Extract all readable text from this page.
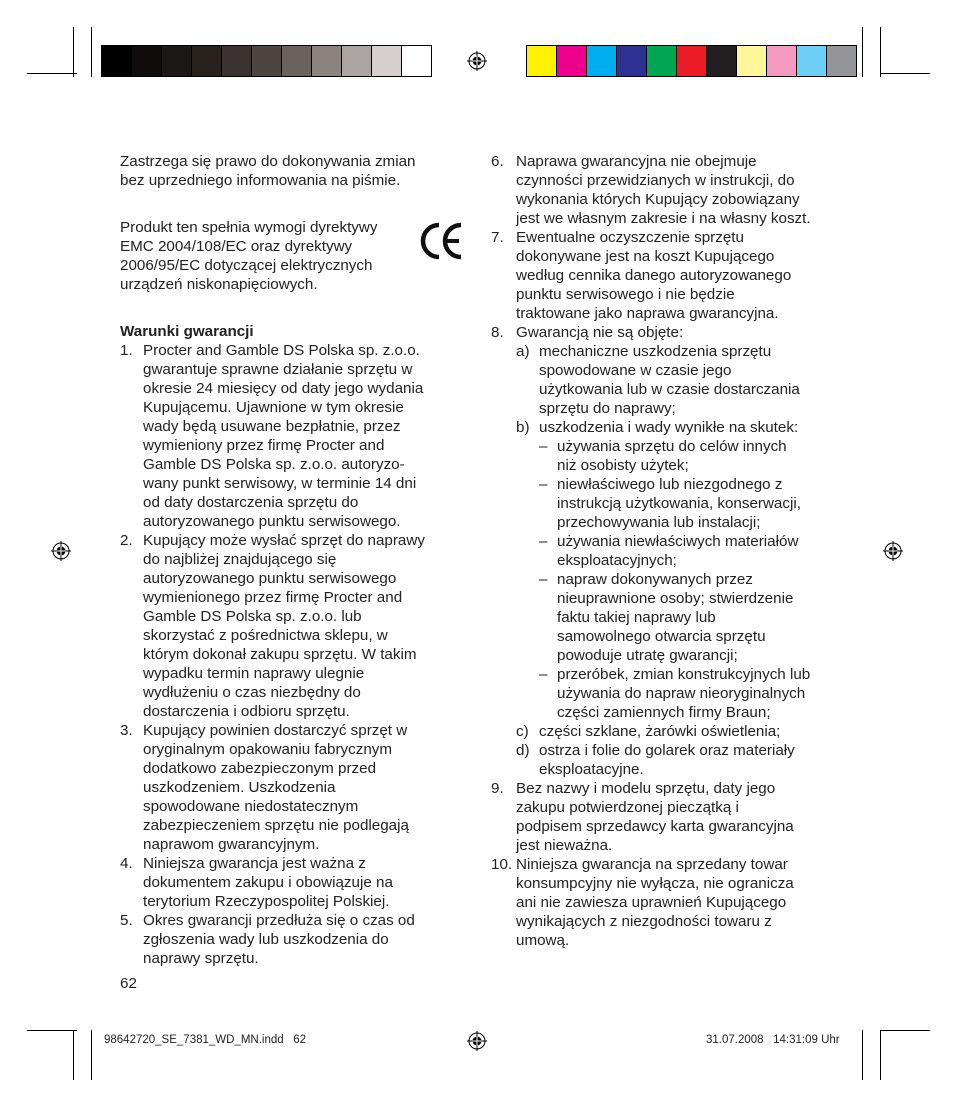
Zastrzega się prawo do dokonywania zmian
bez uprzedniego informowania na piśmie.
Produkt ten spełnia wymogi dyrektywy
EMC 2004/108/EC oraz dyrektywy
2006/95/EC dotyczącej elektrycznych
urządzeń niskonapięciowych.
Warunki gwarancji
1. Procter and Gamble DS Polska sp. z.o.o.
gwarantuje sprawne działanie sprzętu w
okresie 24 miesięcy od daty jego wydania
Kupującemu. Ujawnione w tym okresie
wady będą usuwane bezpłatnie, przez
wymieniony przez firmę Procter and
Gamble DS Polska sp. z.o.o. autoryzo-
wany punkt serwisowy, w terminie 14 dni
od daty dostarczenia sprzętu do
autoryzowanego punktu serwisowego.
2. Kupujący może wysłać sprzęt do naprawy
do najbliżej znajdującego się
autoryzowanego punktu serwisowego
wymienionego przez firmę Procter and
Gamble DS Polska sp. z.o.o. lub
skorzystać z pośrednictwa sklepu, w
którym dokonał zakupu sprzętu. W takim
wypadku termin naprawy ulegnie
wydłużeniu o czas niezbędny do
dostarczenia i odbioru sprzętu.
3. Kupujący powinien dostarczyć sprzęt w
oryginalnym opakowaniu fabrycznym
dodatkowo zabezpieczonym przed
uszkodzeniem. Uszkodzenia
spowodowane niedostatecznym
zabezpieczeniem sprzętu nie podlegają
naprawom gwarancyjnym.
4. Niniejsza gwarancja jest ważna z
dokumentem zakupu i obowiązuje na
terytorium Rzeczypospolitej Polskiej.
5. Okres gwarancji przedłuża się o czas od
zgłoszenia wady lub uszkodzenia do
naprawy sprzętu.
62
6. Naprawa gwarancyjna nie obejmuje
czynności przewidzianych w instrukcji, do
wykonania których Kupujący zobowiązany
jest we własnym zakresie i na własny koszt.
7. Ewentualne oczyszczenie sprzętu
dokonywane jest na koszt Kupującego
według cennika danego autoryzowanego
punktu serwisowego i nie będzie
traktowane jako naprawa gwarancyjna.
8. Gwarancją nie są objęte:
a) mechaniczne uszkodzenia sprzętu
spowodowane w czasie jego
użytkowania lub w czasie dostarczania
sprzętu do naprawy;
b) uszkodzenia i wady wynikłe na skutek:
– używania sprzętu do celów innych
niż osobisty użytek;
– niewłaściwego lub niezgodnego z
instrukcją użytkowania, konserwacji,
przechowywania lub instalacji;
– używania niewłaściwych materiałów
eksploatacyjnych;
– napraw dokonywanych przez
nieuprawnione osoby; stwierdzenie
faktu takiej naprawy lub
samowolnego otwarcia sprzętu
powoduje utratę gwarancji;
– przeróbek, zmian konstrukcyjnych lub
używania do napraw nieoryginalnych
części zamiennych firmy Braun;
c) części szklane, żarówki oświetlenia;
d) ostrza i folie do golarek oraz materiały
eksploatacyjne.
9. Bez nazwy i modelu sprzętu, daty jego
zakupu potwierdzonej pieczątką i
podpisem sprzedawcy karta gwarancyjna
jest nieważna.
10. Niniejsza gwarancja na sprzedany towar
konsumpcyjny nie wyłącza, nie ogranicza
ani nie zawiesza uprawnień Kupującego
wynikających z niezgodności towaru z
umową.
98642720_SE_7381_WD_MN.indd   62	31.07.2008   14:31:09 Uhr
